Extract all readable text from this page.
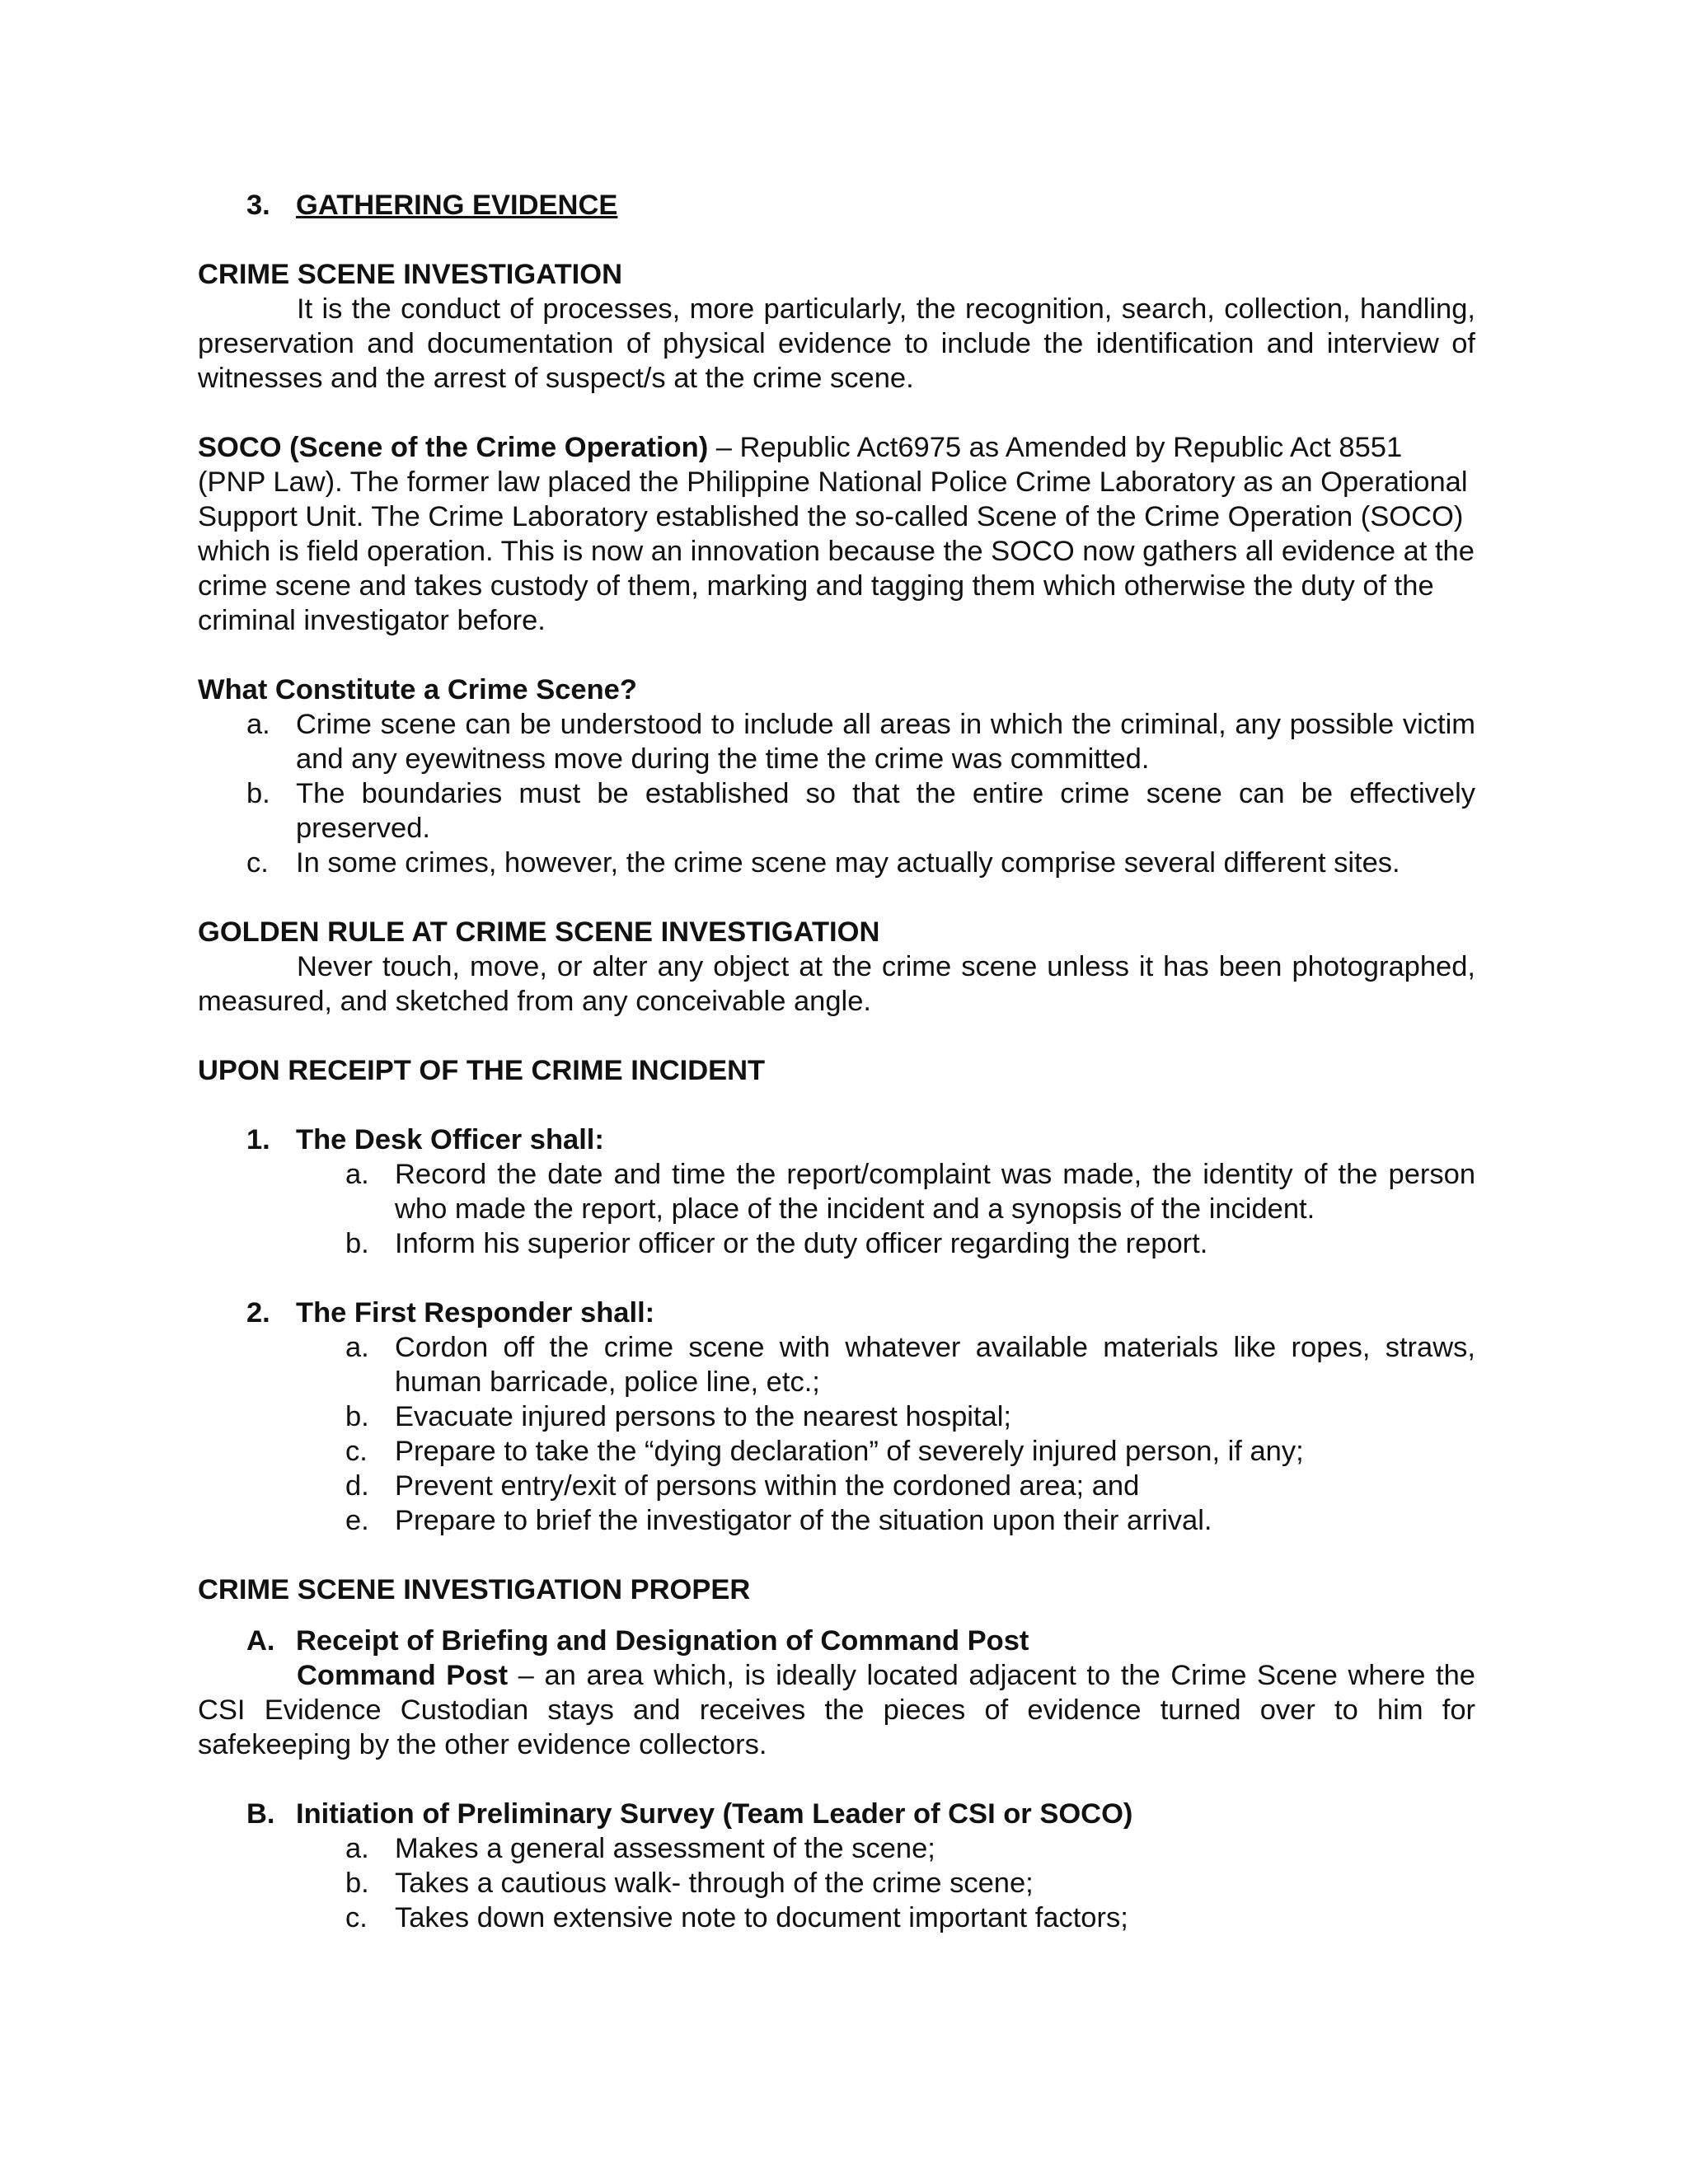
3. GATHERING EVIDENCE

CRIME SCENE INVESTIGATION

It is the conduct of processes, more particularly, the recognition, search, collection, handling, preservation and documentation of physical evidence to include the identification and interview of witnesses and the arrest of suspect/s at the crime scene.

SOCO (Scene of the Crime Operation) – Republic Act6975 as Amended by Republic Act 8551 (PNP Law). The former law placed the Philippine National Police Crime Laboratory as an Operational Support Unit. The Crime Laboratory established the so-called Scene of the Crime Operation (SOCO) which is field operation. This is now an innovation because the SOCO now gathers all evidence at the crime scene and takes custody of them, marking and tagging them which otherwise the duty of the criminal investigator before.

What Constitute a Crime Scene?

a. Crime scene can be understood to include all areas in which the criminal, any possible victim and any eyewitness move during the time the crime was committed.
b. The boundaries must be established so that the entire crime scene can be effectively preserved.
c. In some crimes, however, the crime scene may actually comprise several different sites.

GOLDEN RULE AT CRIME SCENE INVESTIGATION

Never touch, move, or alter any object at the crime scene unless it has been photographed, measured, and sketched from any conceivable angle.

UPON RECEIPT OF THE CRIME INCIDENT

1. The Desk Officer shall:
a. Record the date and time the report/complaint was made, the identity of the person who made the report, place of the incident and a synopsis of the incident.
b. Inform his superior officer or the duty officer regarding the report.
2. The First Responder shall:
a. Cordon off the crime scene with whatever available materials like ropes, straws, human barricade, police line, etc.;
b. Evacuate injured persons to the nearest hospital;
c. Prepare to take the “dying declaration” of severely injured person, if any;
d. Prevent entry/exit of persons within the cordoned area; and
e. Prepare to brief the investigator of the situation upon their arrival.

CRIME SCENE INVESTIGATION PROPER

A. Receipt of Briefing and Designation of Command Post

Command Post – an area which, is ideally located adjacent to the Crime Scene where the CSI Evidence Custodian stays and receives the pieces of evidence turned over to him for safekeeping by the other evidence collectors.

B. Initiation of Preliminary Survey (Team Leader of CSI or SOCO)
a. Makes a general assessment of the scene;
b. Takes a cautious walk- through of the crime scene;
c. Takes down extensive note to document important factors;
